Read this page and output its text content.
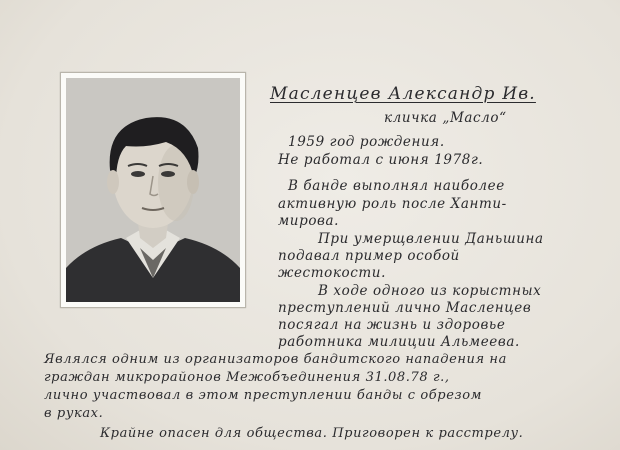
Масленцев Александр Ив.

кличка „Масло“

1959 год рождения.

Не работал с июня 1978г.

В банде выполнял наиболее

активную роль после Ханти-

мирова.

При умерщвлении Даньшина

подавал пример особой

жестокости.

В ходе одного из корыстных

преступлений лично Масленцев

посягал на жизнь и здоровье

работника милиции Альмеева.

Являлся одним из организаторов бандитского нападения на

граждан микрорайонов Межобъединения 31.08.78 г.,

лично участвовал в этом преступлении банды с обрезом

в руках.

Крайне опасен для общества. Приговорен к расстрелу.
